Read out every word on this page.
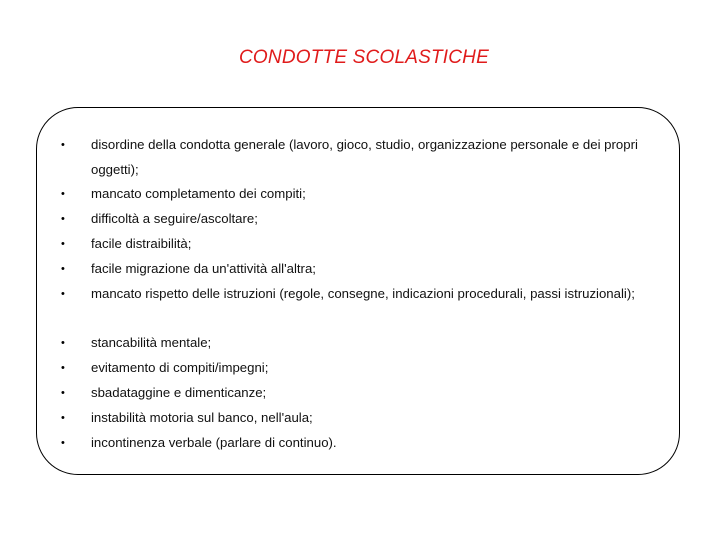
CONDOTTE SCOLASTICHE
• disordine della condotta generale (lavoro, gioco, studio, organizzazione personale e dei propri oggetti);
• mancato completamento dei compiti;
• difficoltà a seguire/ascoltare;
• facile distraibilità;
• facile migrazione da un'attività all'altra;
• mancato rispetto delle istruzioni (regole, consegne, indicazioni procedurali, passi istruzionali);
• stancabilità mentale;
• evitamento di compiti/impegni;
• sbadataggine e dimenticanze;
• instabilità motoria sul banco, nell'aula;
• incontinenza verbale (parlare di continuo).
